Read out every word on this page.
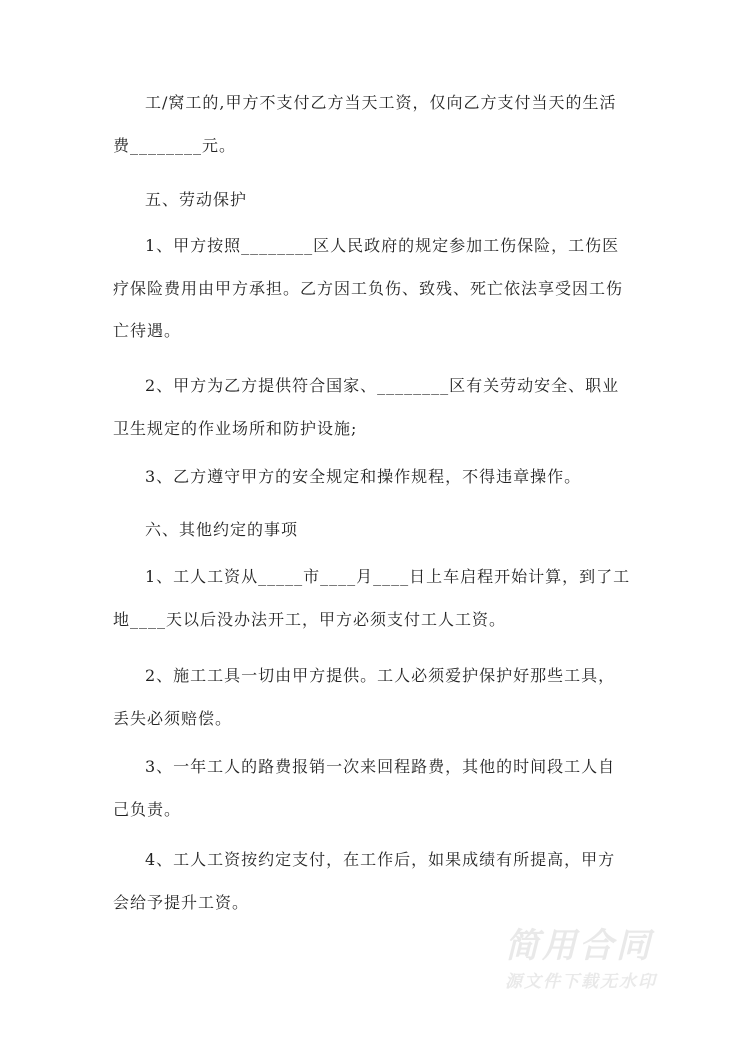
工/窝工的,甲方不支付乙方当天工资，仅向乙方支付当天的生活
费________元。
五、劳动保护
1、甲方按照________区人民政府的规定参加工伤保险，工伤医
疗保险费用由甲方承担。乙方因工负伤、致残、死亡依法享受因工伤
亡待遇。
2、甲方为乙方提供符合国家、________区有关劳动安全、职业
卫生规定的作业场所和防护设施;
3、乙方遵守甲方的安全规定和操作规程，不得违章操作。
六、其他约定的事项
1、工人工资从_____市____月____日上车启程开始计算，到了工
地____天以后没办法开工，甲方必须支付工人工资。
2、施工工具一切由甲方提供。工人必须爱护保护好那些工具，
丢失必须赔偿。
3、一年工人的路费报销一次来回程路费，其他的时间段工人自
己负责。
4、工人工资按约定支付，在工作后，如果成绩有所提高，甲方
会给予提升工资。
简用合同
源文件下载无水印
